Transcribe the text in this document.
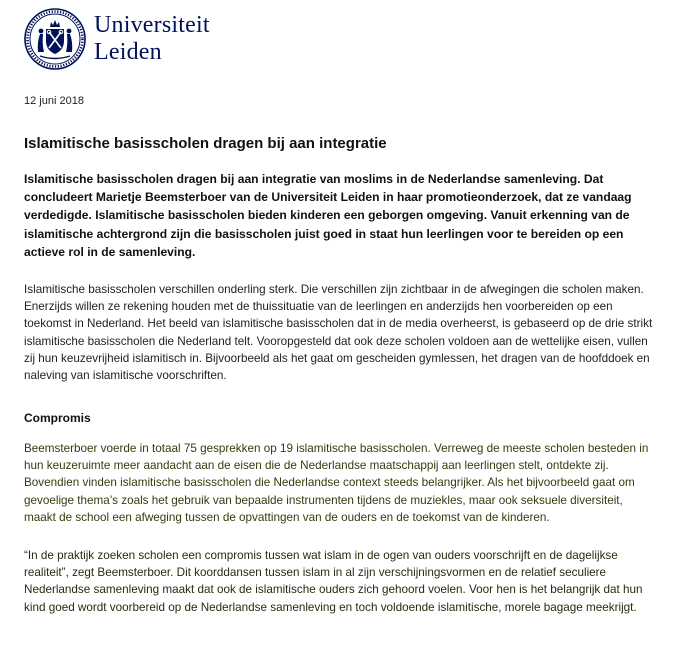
Universiteit
Leiden
12 juni 2018
Islamitische basisscholen dragen bij aan integratie

Islamitische basisscholen dragen bij aan integratie van moslims in de Nederlandse samenleving. Dat concludeert Marietje Beemsterboer van de Universiteit Leiden in haar promotieonderzoek, dat ze vandaag verdedigde. Islamitische basisscholen bieden kinderen een geborgen omgeving. Vanuit erkenning van de islamitische achtergrond zijn die basisscholen juist goed in staat hun leerlingen voor te bereiden op een actieve rol in de samenleving.

Islamitische basisscholen verschillen onderling sterk. Die verschillen zijn zichtbaar in de afwegingen die scholen maken. Enerzijds willen ze rekening houden met de thuissituatie van de leerlingen en anderzijds hen voorbereiden op een toekomst in Nederland. Het beeld van islamitische basisscholen dat in de media overheerst, is gebaseerd op de drie strikt islamitische basisscholen die Nederland telt. Vooropgesteld dat ook deze scholen voldoen aan de wettelijke eisen, vullen zij hun keuzevrijheid islamitisch in. Bijvoorbeeld als het gaat om gescheiden gymlessen, het dragen van de hoofddoek en naleving van islamitische voorschriften.

Compromis

Beemsterboer voerde in totaal 75 gesprekken op 19 islamitische basisscholen. Verreweg de meeste scholen besteden in hun keuzeruimte meer aandacht aan de eisen die de Nederlandse maatschappij aan leerlingen stelt, ontdekte zij. Bovendien vinden islamitische basisscholen die Nederlandse context steeds belangrijker. Als het bijvoorbeeld gaat om gevoelige thema’s zoals het gebruik van bepaalde instrumenten tijdens de muziekles, maar ook seksuele diversiteit, maakt de school een afweging tussen de opvattingen van de ouders en de toekomst van de kinderen.

“In de praktijk zoeken scholen een compromis tussen wat islam in de ogen van ouders voorschrijft en de dagelijkse realiteit”, zegt Beemsterboer. Dit koorddansen tussen islam in al zijn verschijningsvormen en de relatief seculiere Nederlandse samenleving maakt dat ook de islamitische ouders zich gehoord voelen. Voor hen is het belangrijk dat hun kind goed wordt voorbereid op de Nederlandse samenleving en toch voldoende islamitische, morele bagage meekrijgt.
